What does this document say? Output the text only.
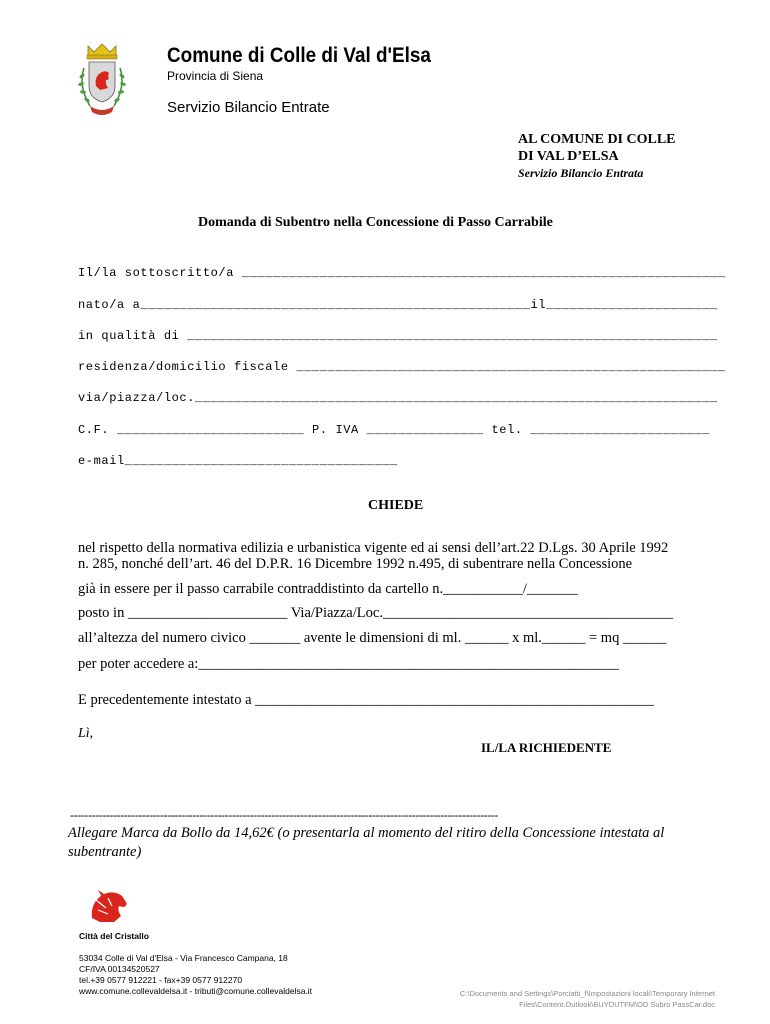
Comune di Colle di Val d'Elsa
Provincia di Siena
Servizio Bilancio Entrate
AL COMUNE DI COLLE
DI VAL D’ELSA
Servizio Bilancio Entrata
Domanda di Subentro nella Concessione di Passo Carrabile
Il/la sottoscritto/a ______________________________________________________________
nato/a a__________________________________________________il______________________
in qualità di ____________________________________________________________________
residenza/domicilio fiscale _______________________________________________________
via/piazza/loc.___________________________________________________________________
C.F. ________________________ P. IVA _______________ tel. _______________________
e-mail___________________________________
CHIEDE
nel rispetto della normativa edilizia e urbanistica vigente ed ai sensi dell’art.22 D.Lgs. 30 Aprile 1992
n. 285, nonché dell’art. 46 del D.P.R. 16 Dicembre 1992 n.495, di subentrare nella Concessione
già in essere per il passo carrabile contraddistinto da cartello n.___________/_______
posto in ______________________ Via/Piazza/Loc.________________________________________
all’altezza del numero civico _______ avente le dimensioni di ml. ______ x ml.______ = mq ______
per poter accedere a:__________________________________________________________
E precedentemente intestato a _______________________________________________________
Lì,
IL/LA RICHIEDENTE
-----------------------------------------------------------------------------------------------------------------------
Allegare Marca da Bollo da 14,62€ (o presentarla al momento del ritiro della Concessione intestata al subentrante)
Città del Cristallo
53034 Colle di Val d'Elsa - Via Francesco Campana, 18
CF/IVA 00134520527
tel.+39 0577 912221 - fax+39 0577 912270
www.comune.collevaldelsa.it - tributi@comune.collevaldelsa.it	C:\Documents and Settings\Porciatti_f\Impostazioni locali\Temporary Internet Files\Content.Outlook\BUYDUTFM\OD Subro PassCar.doc
